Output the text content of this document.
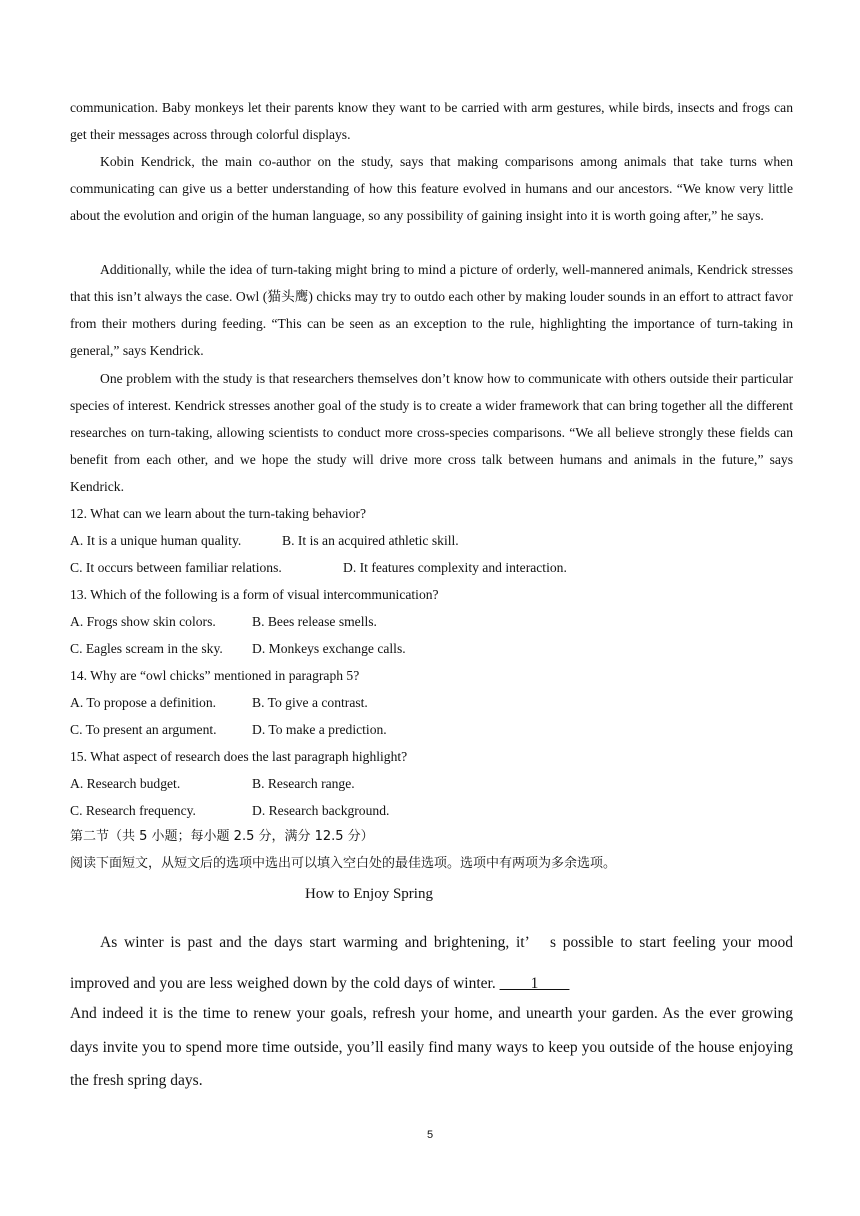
communication. Baby monkeys let their parents know they want to be carried with arm gestures, while birds, insects and frogs can get their messages across through colorful displays.
Kobin Kendrick, the main co-author on the study, says that making comparisons among animals that take turns when communicating can give us a better understanding of how this feature evolved in humans and our ancestors. “We know very little about the evolution and origin of the human language, so any possibility of gaining insight into it is worth going after,” he says.
Additionally, while the idea of turn-taking might bring to mind a picture of orderly, well-mannered animals, Kendrick stresses that this isn’t always the case. Owl (猫头鹰) chicks may try to outdo each other by making louder sounds in an effort to attract favor from their mothers during feeding. “This can be seen as an exception to the rule, highlighting the importance of turn-taking in general,” says Kendrick.
One problem with the study is that researchers themselves don’t know how to communicate with others outside their particular species of interest. Kendrick stresses another goal of the study is to create a wider framework that can bring together all the different researches on turn-taking, allowing scientists to conduct more cross-species comparisons. “We all believe strongly these fields can benefit from each other, and we hope the study will drive more cross talk between humans and animals in the future,” says Kendrick.
12. What can we learn about the turn-taking behavior?
A. It is a unique human quality.	B. It is an acquired athletic skill.
C. It occurs between familiar relations.	D. It features complexity and interaction.
13. Which of the following is a form of visual intercommunication?
A. Frogs show skin colors.	B. Bees release smells.
C. Eagles scream in the sky. D. Monkeys exchange calls.
14. Why are “owl chicks” mentioned in paragraph 5?
A. To propose a definition.	B. To give a contrast.
C. To present an argument.	D. To make a prediction.
15. What aspect of research does the last paragraph highlight?
A. Research budget.	B. Research range.
C. Research frequency.	D. Research background.
第二节（共 5 小题；每小题 2.5 分，满分 12.5 分）
阅读下面短文，从短文后的选项中选出可以填入空白处的最佳选项。选项中有两项为多余选项。
How to Enjoy Spring
As winter is past and the days start warming and brightening, it’　s possible to start feeling your mood improved and you are less weighed down by the cold days of winter. ____1____
And indeed it is the time to renew your goals, refresh your home, and unearth your garden. As the ever growing days invite you to spend more time outside, you’ll easily find many ways to keep you outside of the house enjoying the fresh spring days.
5
